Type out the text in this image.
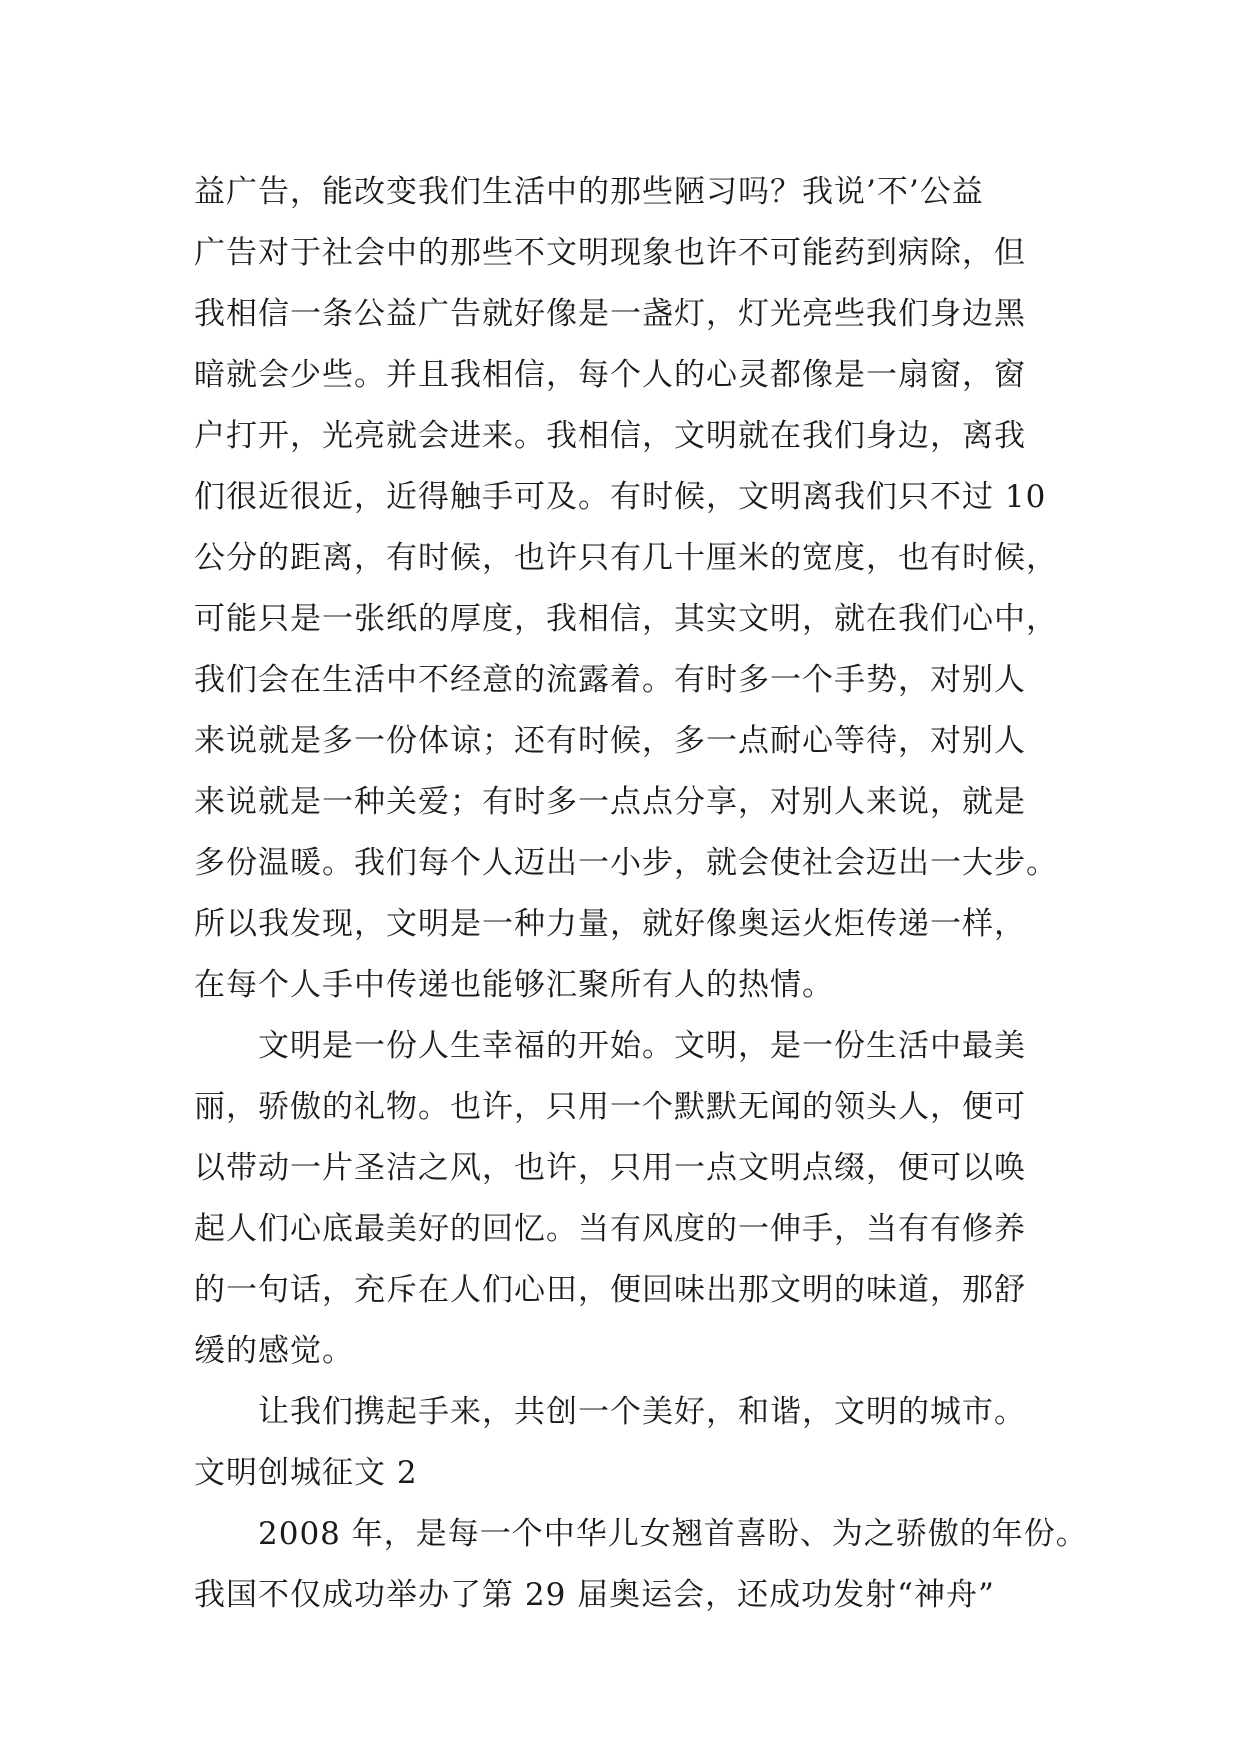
益广告，能改变我们生活中的那些陋习吗？我说’不’公益
广告对于社会中的那些不文明现象也许不可能药到病除，但
我相信一条公益广告就好像是一盏灯，灯光亮些我们身边黑
暗就会少些。并且我相信，每个人的心灵都像是一扇窗，窗
户打开，光亮就会进来。我相信，文明就在我们身边，离我
们很近很近，近得触手可及。有时候，文明离我们只不过 10
公分的距离，有时候，也许只有几十厘米的宽度，也有时候，
可能只是一张纸的厚度，我相信，其实文明，就在我们心中，
我们会在生活中不经意的流露着。有时多一个手势，对别人
来说就是多一份体谅；还有时候，多一点耐心等待，对别人
来说就是一种关爱；有时多一点点分享，对别人来说，就是
多份温暖。我们每个人迈出一小步，就会使社会迈出一大步。
所以我发现，文明是一种力量，就好像奥运火炬传递一样，
在每个人手中传递也能够汇聚所有人的热情。
文明是一份人生幸福的开始。文明，是一份生活中最美
丽，骄傲的礼物。也许，只用一个默默无闻的领头人，便可
以带动一片圣洁之风，也许，只用一点文明点缀，便可以唤
起人们心底最美好的回忆。当有风度的一伸手，当有有修养
的一句话，充斥在人们心田，便回味出那文明的味道，那舒
缓的感觉。
让我们携起手来，共创一个美好，和谐，文明的城市。
文明创城征文 2
2008 年，是每一个中华儿女翘首喜盼、为之骄傲的年份。
我国不仅成功举办了第 29 届奥运会，还成功发射“神舟”
